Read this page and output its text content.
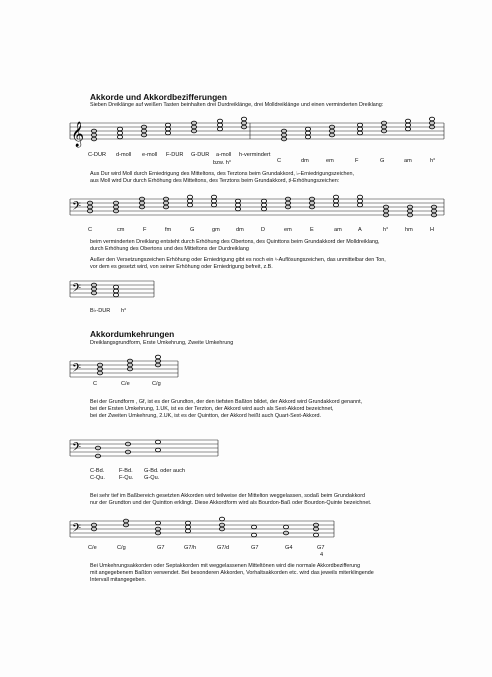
Akkorde und Akkordbezifferungen
Sieben Dreiklänge auf weißen Tasten beinhalten drei Durdreiklänge, drei Molldreiklänge und einen verminderten Dreiklang:
𝄞
C-DUR d-moll e-moll F-DUR G-DUR a-moll h-vermindert
C	dm	em	F	G	am	h°
bzw. h°
Aus Dur wird Moll durch Erniedrigung des Mitteltons, des Terztons beim Grundakkord, ♭-Erniedrigungszeichen,
aus Moll wird Dur durch Erhöhung des Mitteltons, des Terztons beim Grundakkord, ♯-Erhöhungszeichen:
𝄢
C	cm	F	fm	G	gm	dm	D	em	E	am	A	h°	hm	H
beim verminderten Dreiklang entsteht durch Erhöhung des Obertons, des Quinttons beim Grundakkord der Molldreiklang,
durch Erhöhung des Obertons und des Mitteltons der Durdreiklang
Außer den Versetzungszeichen Erhöhung oder Erniedrigung gibt es noch ein ♮-Auflösungszeichen, das unmittelbar den Ton,
vor dem es gesetzt wird, von seiner Erhöhung oder Erniedrigung befreit, z.B.
𝄢
B♭-DUR h°
Akkordumkehrungen
Dreiklangsgrundform, Erste Umkehrung, Zweite Umkehrung
𝄢
C	C/e	C/g
Bei der Grundform , Gf, ist es der Grundton, der den tiefsten Baßton bildet, der Akkord wird Grundakkord genannt,
bei der Ersten Umkehrung, 1.UK, ist es der Terzton, der Akkord wird auch als Sext-Akkord bezeichnet,
bei der Zweiten Umkehrung, 2.UK, ist es der Quintton, der Akkord heißt auch Quart-Sext-Akkord.
𝄢
C-Bd.	F-Bd. G-Bd. oder auch
C-Qu.	F-Qu. G-Qu.
Bei sehr tief im Baßbereich gesetzten Akkorden wird teilweise der Mittelton weggelassen, sodaß beim Grundakkord
nur der Grundton und der Quintton erklingt. Diese Akkordform wird als Bourdon-Baß oder Bourdon-Quinte bezeichnet.
𝄢
C/e	C/g	G7	G7/h	G7/d	G7	G4	G7
4
Bei Umkehrungsakkorden oder Septakkorden mit weggelassenen Mitteltönen wird die normale Akkordbezifferung
mit angegebenem Baßton verwendet. Bei besonderen Akkorden, Vorhaltsakkorden etc. wird das jeweils miterklingende
Intervall mitangegeben.
